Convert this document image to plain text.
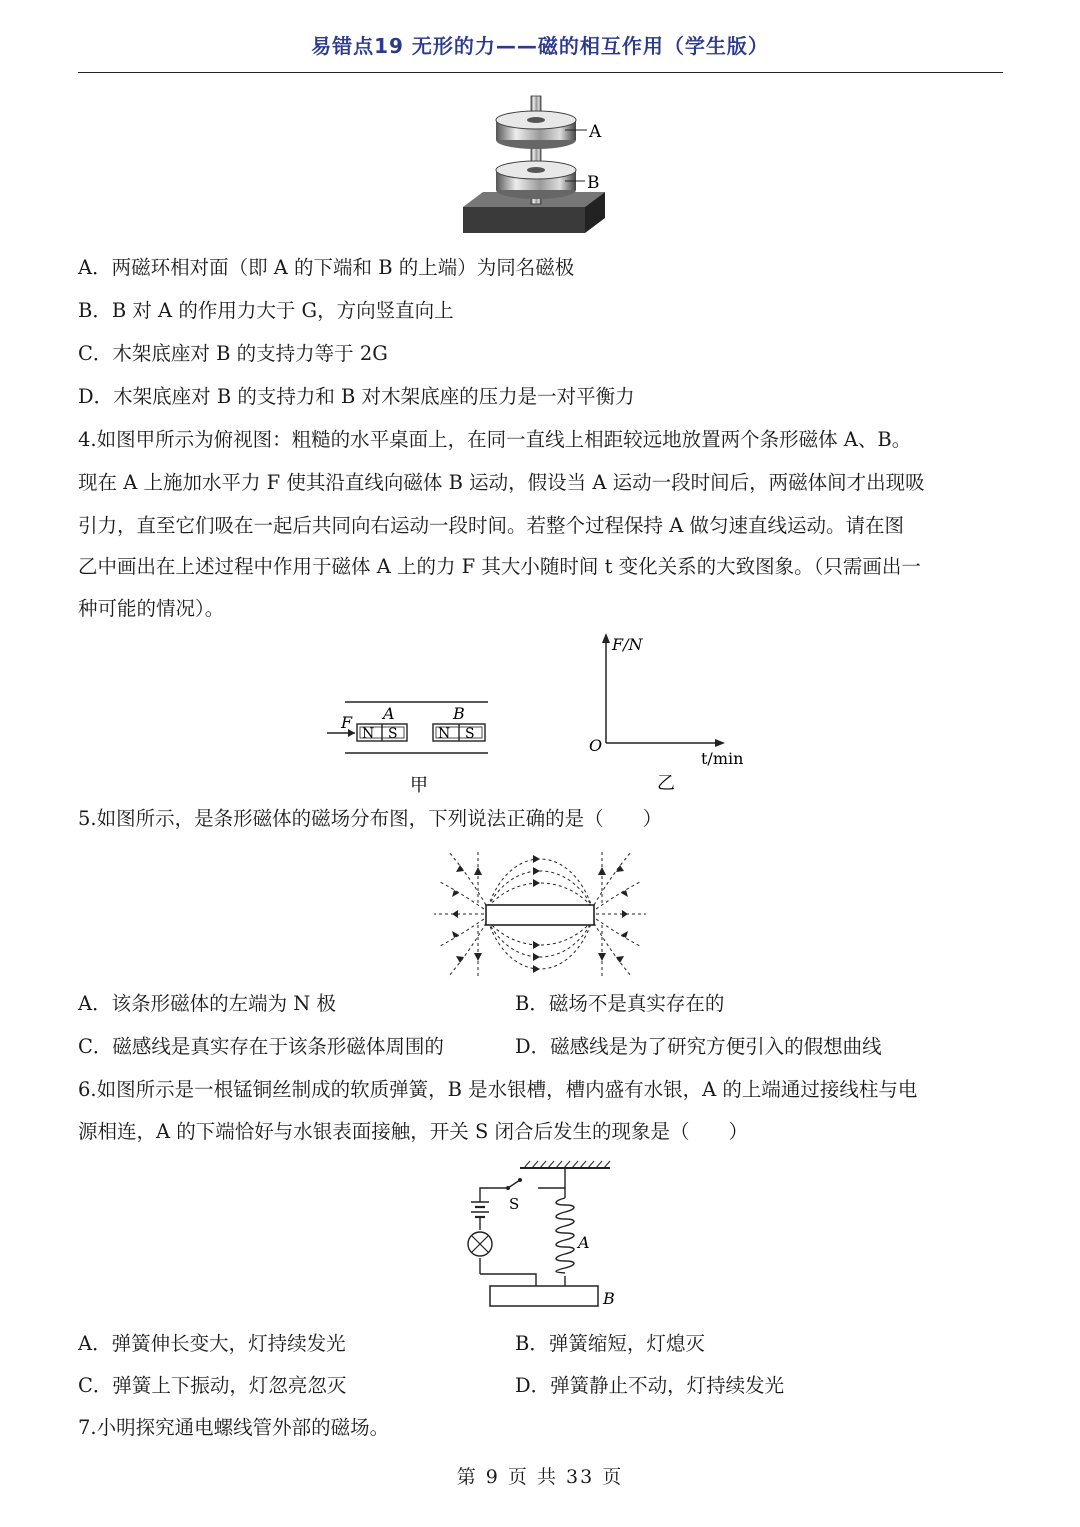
易错点19 无形的力——磁的相互作用（学生版）
A
B
A．两磁环相对面（即 A 的下端和 B 的上端）为同名磁极
B．B 对 A 的作用力大于 G，方向竖直向上
C．木架底座对 B 的支持力等于 2G
D．木架底座对 B 的支持力和 B 对木架底座的压力是一对平衡力
4.如图甲所示为俯视图：粗糙的水平桌面上，在同一直线上相距较远地放置两个条形磁体 A、B。
现在 A 上施加水平力 F 使其沿直线向磁体 B 运动，假设当 A 运动一段时间后，两磁体间才出现吸
引力，直至它们吸在一起后共同向右运动一段时间。若整个过程保持 A 做匀速直线运动。请在图
乙中画出在上述过程中作用于磁体 A 上的力 F 其大小随时间 t 变化关系的大致图象。（只需画出一
种可能的情况）。
F A	B
N S	N S
甲
F/N
O
t/min
乙
5.如图所示，是条形磁体的磁场分布图，下列说法正确的是（　　）
A．该条形磁体的左端为 N 极	B．磁场不是真实存在的
C．磁感线是真实存在于该条形磁体周围的	D．磁感线是为了研究方便引入的假想曲线
6.如图所示是一根锰铜丝制成的软质弹簧，B 是水银槽，槽内盛有水银，A 的上端通过接线柱与电
源相连，A 的下端恰好与水银表面接触，开关 S 闭合后发生的现象是（　　）
S
A
B
A．弹簧伸长变大，灯持续发光	B．弹簧缩短，灯熄灭
C．弹簧上下振动，灯忽亮忽灭	D．弹簧静止不动，灯持续发光
7.小明探究通电螺线管外部的磁场。
第 9 页 共 33 页
